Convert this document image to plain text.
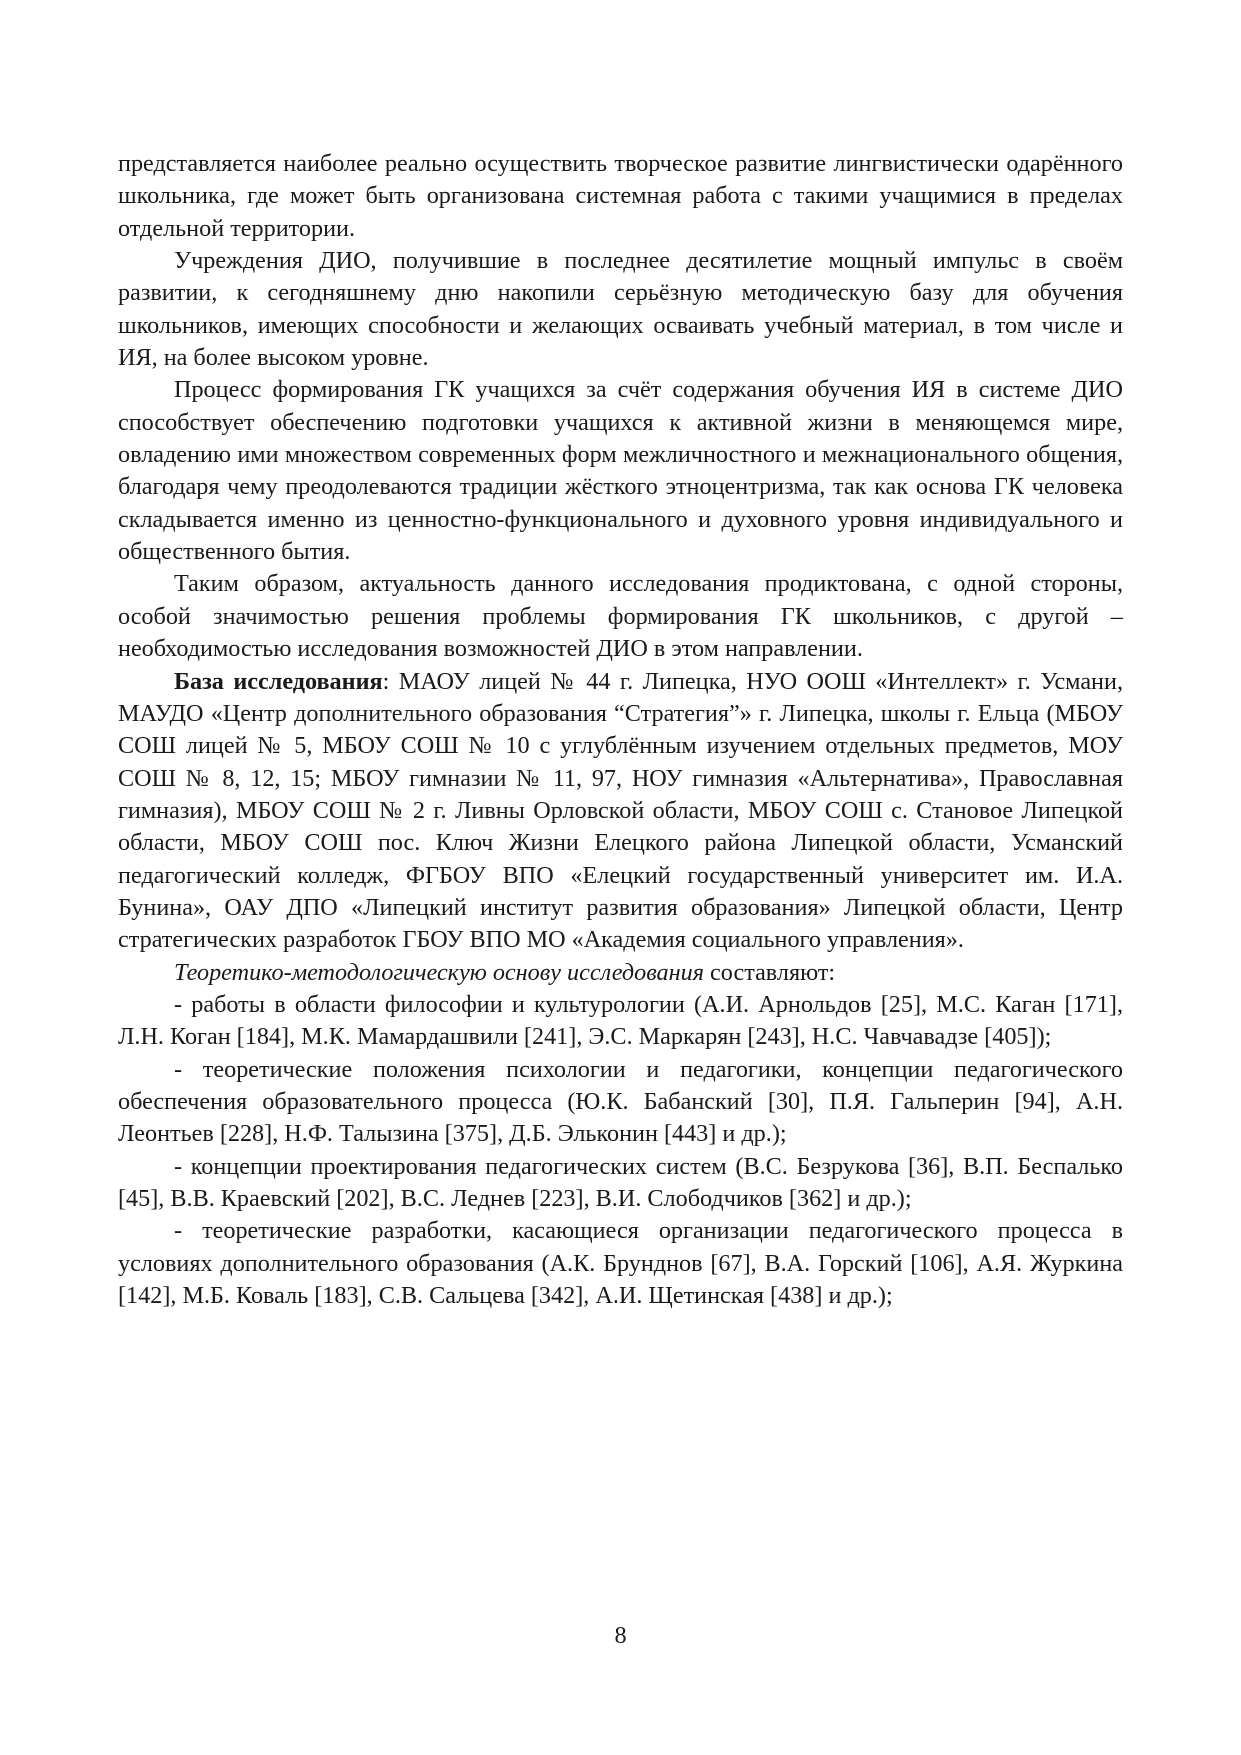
представляется наиболее реально осуществить творческое развитие лингвистически одарённого школьника, где может быть организована системная работа с такими учащимися в пределах отдельной территории.

Учреждения ДИО, получившие в последнее десятилетие мощный импульс в своём развитии, к сегодняшнему дню накопили серьёзную методическую базу для обучения школьников, имеющих способности и желающих осваивать учебный материал, в том числе и ИЯ, на более высоком уровне.

Процесс формирования ГК учащихся за счёт содержания обучения ИЯ в системе ДИО способствует обеспечению подготовки учащихся к активной жизни в меняющемся мире, овладению ими множеством современных форм межличностного и межнационального общения, благодаря чему преодолеваются традиции жёсткого этноцентризма, так как основа ГК человека складывается именно из ценностно-функционального и духовного уровня индивидуального и общественного бытия.

Таким образом, актуальность данного исследования продиктована, с одной стороны, особой значимостью решения проблемы формирования ГК школьников, с другой – необходимостью исследования возможностей ДИО в этом направлении.

База исследования: МАОУ лицей № 44 г. Липецка, НУО ООШ «Интеллект» г. Усмани, МАУДО «Центр дополнительного образования “Стратегия”» г. Липецка, школы г. Ельца (МБОУ СОШ лицей № 5, МБОУ СОШ № 10 с углублённым изучением отдельных предметов, МОУ СОШ № 8, 12, 15; МБОУ гимназии № 11, 97, НОУ гимназия «Альтернатива», Православная гимназия), МБОУ СОШ № 2 г. Ливны Орловской области, МБОУ СОШ с. Становое Липецкой области, МБОУ СОШ пос. Ключ Жизни Елецкого района Липецкой области, Усманский педагогический колледж, ФГБОУ ВПО «Елецкий государственный университет им. И.А. Бунина», ОАУ ДПО «Липецкий институт развития образования» Липецкой области, Центр стратегических разработок ГБОУ ВПО МО «Академия социального управления».

Теоретико-методологическую основу исследования составляют:

- работы в области философии и культурологии (А.И. Арнольдов [25], М.С. Каган [171], Л.Н. Коган [184], М.К. Мамардашвили [241], Э.С. Маркарян [243], Н.С. Чавчавадзе [405]);

- теоретические положения психологии и педагогики, концепции педагогического обеспечения образовательного процесса (Ю.К. Бабанский [30], П.Я. Гальперин [94], А.Н. Леонтьев [228], Н.Ф. Талызина [375], Д.Б. Эльконин [443] и др.);

- концепции проектирования педагогических систем (В.С. Безрукова [36], В.П. Беспалько [45], В.В. Краевский [202], В.С. Леднев [223], В.И. Слободчиков [362] и др.);

- теоретические разработки, касающиеся организации педагогического процесса в условиях дополнительного образования (А.К. Брунднов [67], В.А. Горский [106], А.Я. Журкина [142], М.Б. Коваль [183], С.В. Сальцева [342], А.И. Щетинская [438] и др.);

8
